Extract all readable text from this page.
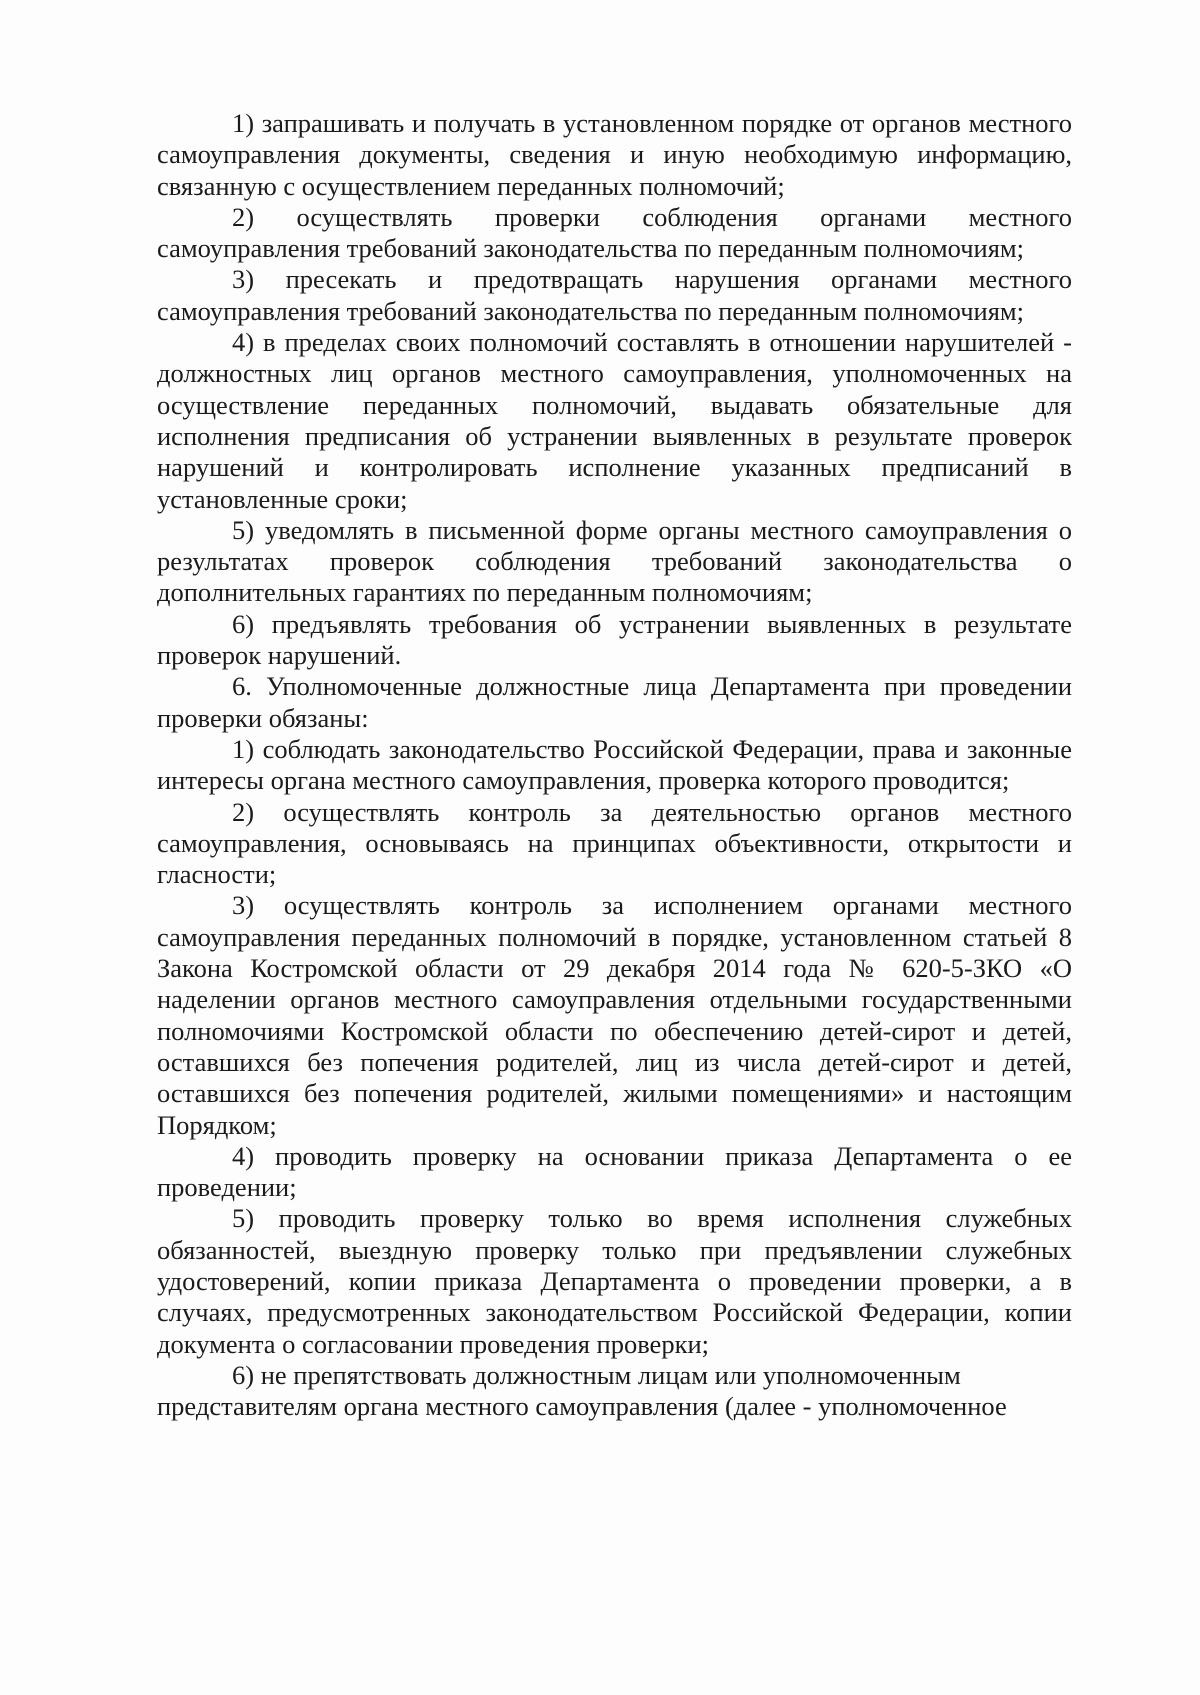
1) запрашивать и получать в установленном порядке от органов местного самоуправления документы, сведения и иную необходимую информацию, связанную с осуществлением переданных полномочий;

2) осуществлять проверки соблюдения органами местного самоуправления требований законодательства по переданным полномочиям;

3) пресекать и предотвращать нарушения органами местного самоуправления требований законодательства по переданным полномочиям;

4) в пределах своих полномочий составлять в отношении нарушителей - должностных лиц органов местного самоуправления, уполномоченных на осуществление переданных полномочий, выдавать обязательные для исполнения предписания об устранении выявленных в результате проверок нарушений и контролировать исполнение указанных предписаний в установленные сроки;

5) уведомлять в письменной форме органы местного самоуправления о результатах проверок соблюдения требований законодательства о дополнительных гарантиях по переданным полномочиям;

6) предъявлять требования об устранении выявленных в результате проверок нарушений.

6. Уполномоченные должностные лица Департамента при проведении проверки обязаны:

1) соблюдать законодательство Российской Федерации, права и законные интересы органа местного самоуправления, проверка которого проводится;

2) осуществлять контроль за деятельностью органов местного самоуправления, основываясь на принципах объективности, открытости и гласности;

3) осуществлять контроль за исполнением органами местного самоуправления переданных полномочий в порядке, установленном статьей 8 Закона Костромской области от 29 декабря 2014 года № 620-5-ЗКО «О наделении органов местного самоуправления отдельными государственными полномочиями Костромской области по обеспечению детей-сирот и детей, оставшихся без попечения родителей, лиц из числа детей-сирот и детей, оставшихся без попечения родителей, жилыми помещениями» и настоящим Порядком;

4) проводить проверку на основании приказа Департамента о ее проведении;

5) проводить проверку только во время исполнения служебных обязанностей, выездную проверку только при предъявлении служебных удостоверений, копии приказа Департамента о проведении проверки, а в случаях, предусмотренных законодательством Российской Федерации, копии документа о согласовании проведения проверки;

6) не препятствовать должностным лицам или уполномоченным представителям органа местного самоуправления (далее - уполномоченное
